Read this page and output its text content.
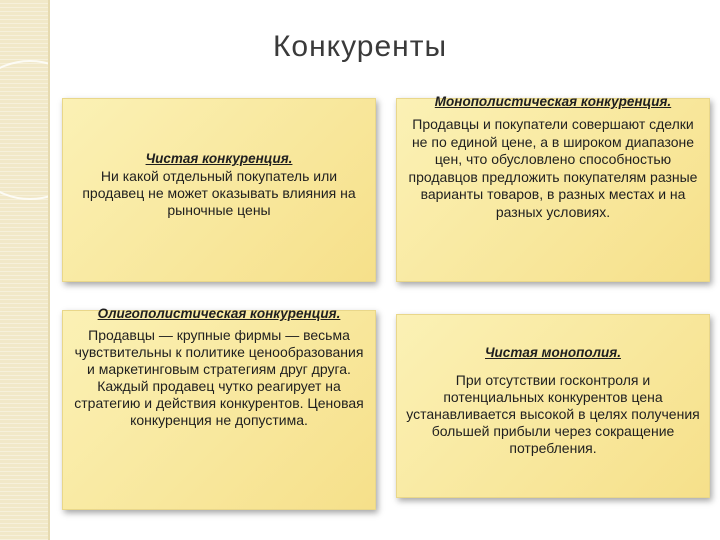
Конкуренты
Чистая конкуренция.
Ни какой отдельный покупатель или продавец не может оказывать влияния на рыночные цены
Монополистическая конкуренция.
Продавцы и покупатели совершают сделки не по единой цене, а в широком диапазоне цен, что обусловлено способностью продавцов предложить покупателям разные варианты товаров, в разных местах и на разных условиях.
Олигополистическая конкуренция.
Продавцы — крупные фирмы — весьма чувствительны к политике ценообразования и маркетинговым стратегиям друг друга. Каждый продавец чутко реагирует на стратегию и действия конкурентов. Ценовая конкуренция не допустима.
Чистая монополия.
При отсутствии госконтроля и потенциальных конкурентов цена устанавливается высокой в целях получения большей прибыли через сокращение потребления.
